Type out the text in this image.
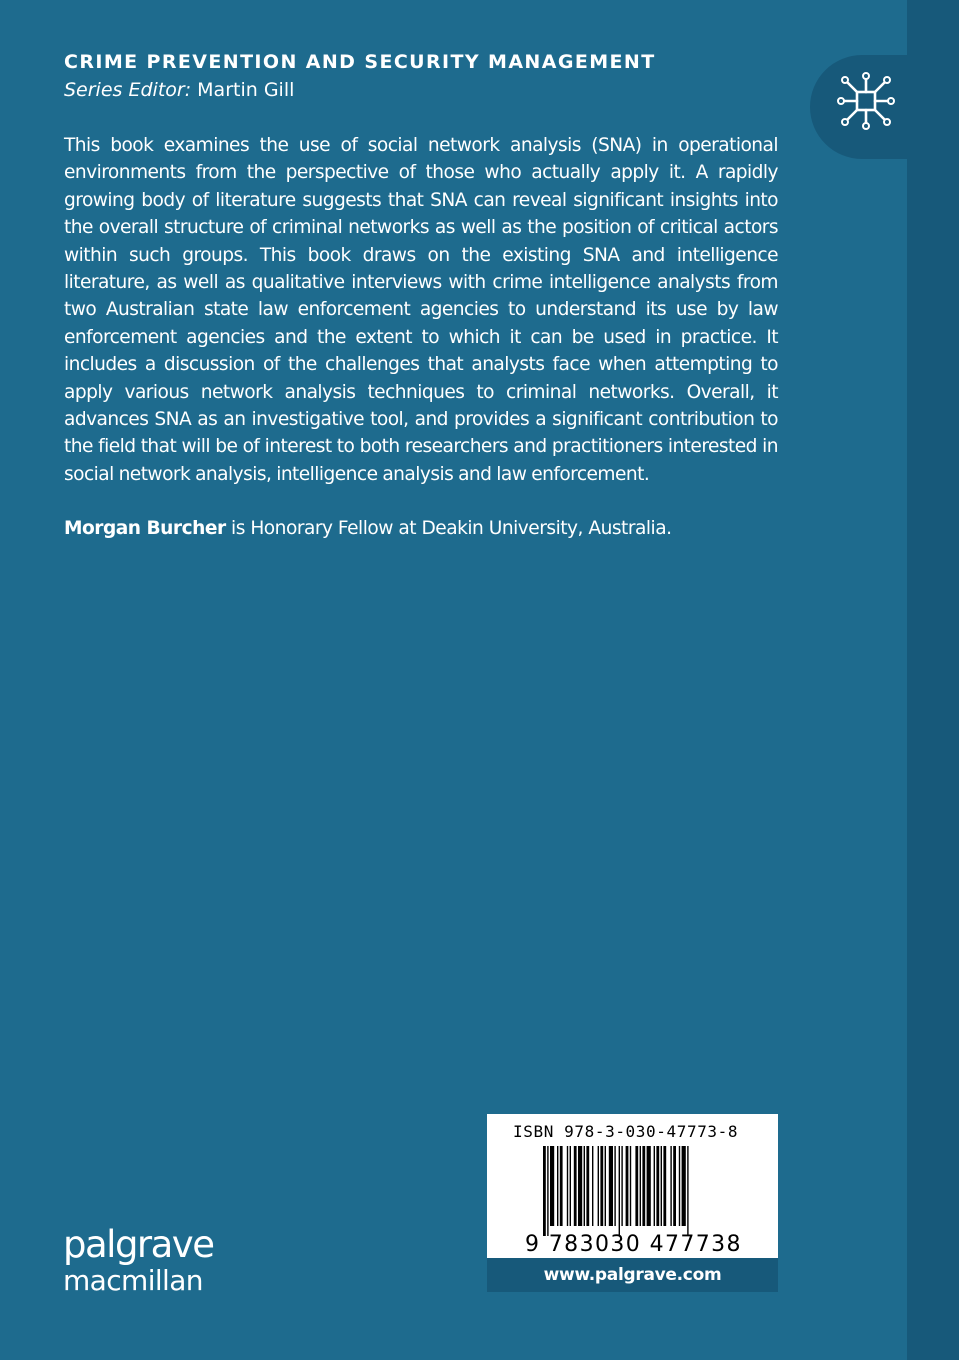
CRIME PREVENTION AND SECURITY MANAGEMENT
Series Editor: Martin Gill

This book examines the use of social network analysis (SNA) in operational environments from the perspective of those who actually apply it. A rapidly growing body of literature suggests that SNA can reveal significant insights into the overall structure of criminal networks as well as the position of critical actors within such groups. This book draws on the existing SNA and intelligence literature, as well as qualitative interviews with crime intelligence analysts from two Australian state law enforcement agencies to understand its use by law enforcement agencies and the extent to which it can be used in practice. It includes a discussion of the challenges that analysts face when attempting to apply various network analysis techniques to criminal networks. Overall, it advances SNA as an investigative tool, and provides a significant contribution to the field that will be of interest to both researchers and practitioners interested in social network analysis, intelligence analysis and law enforcement.

Morgan Burcher is Honorary Fellow at Deakin University, Australia.
palgrave
macmillan
ISBN 978-3-030-47773-8
9 783030 477738
www.palgrave.com
